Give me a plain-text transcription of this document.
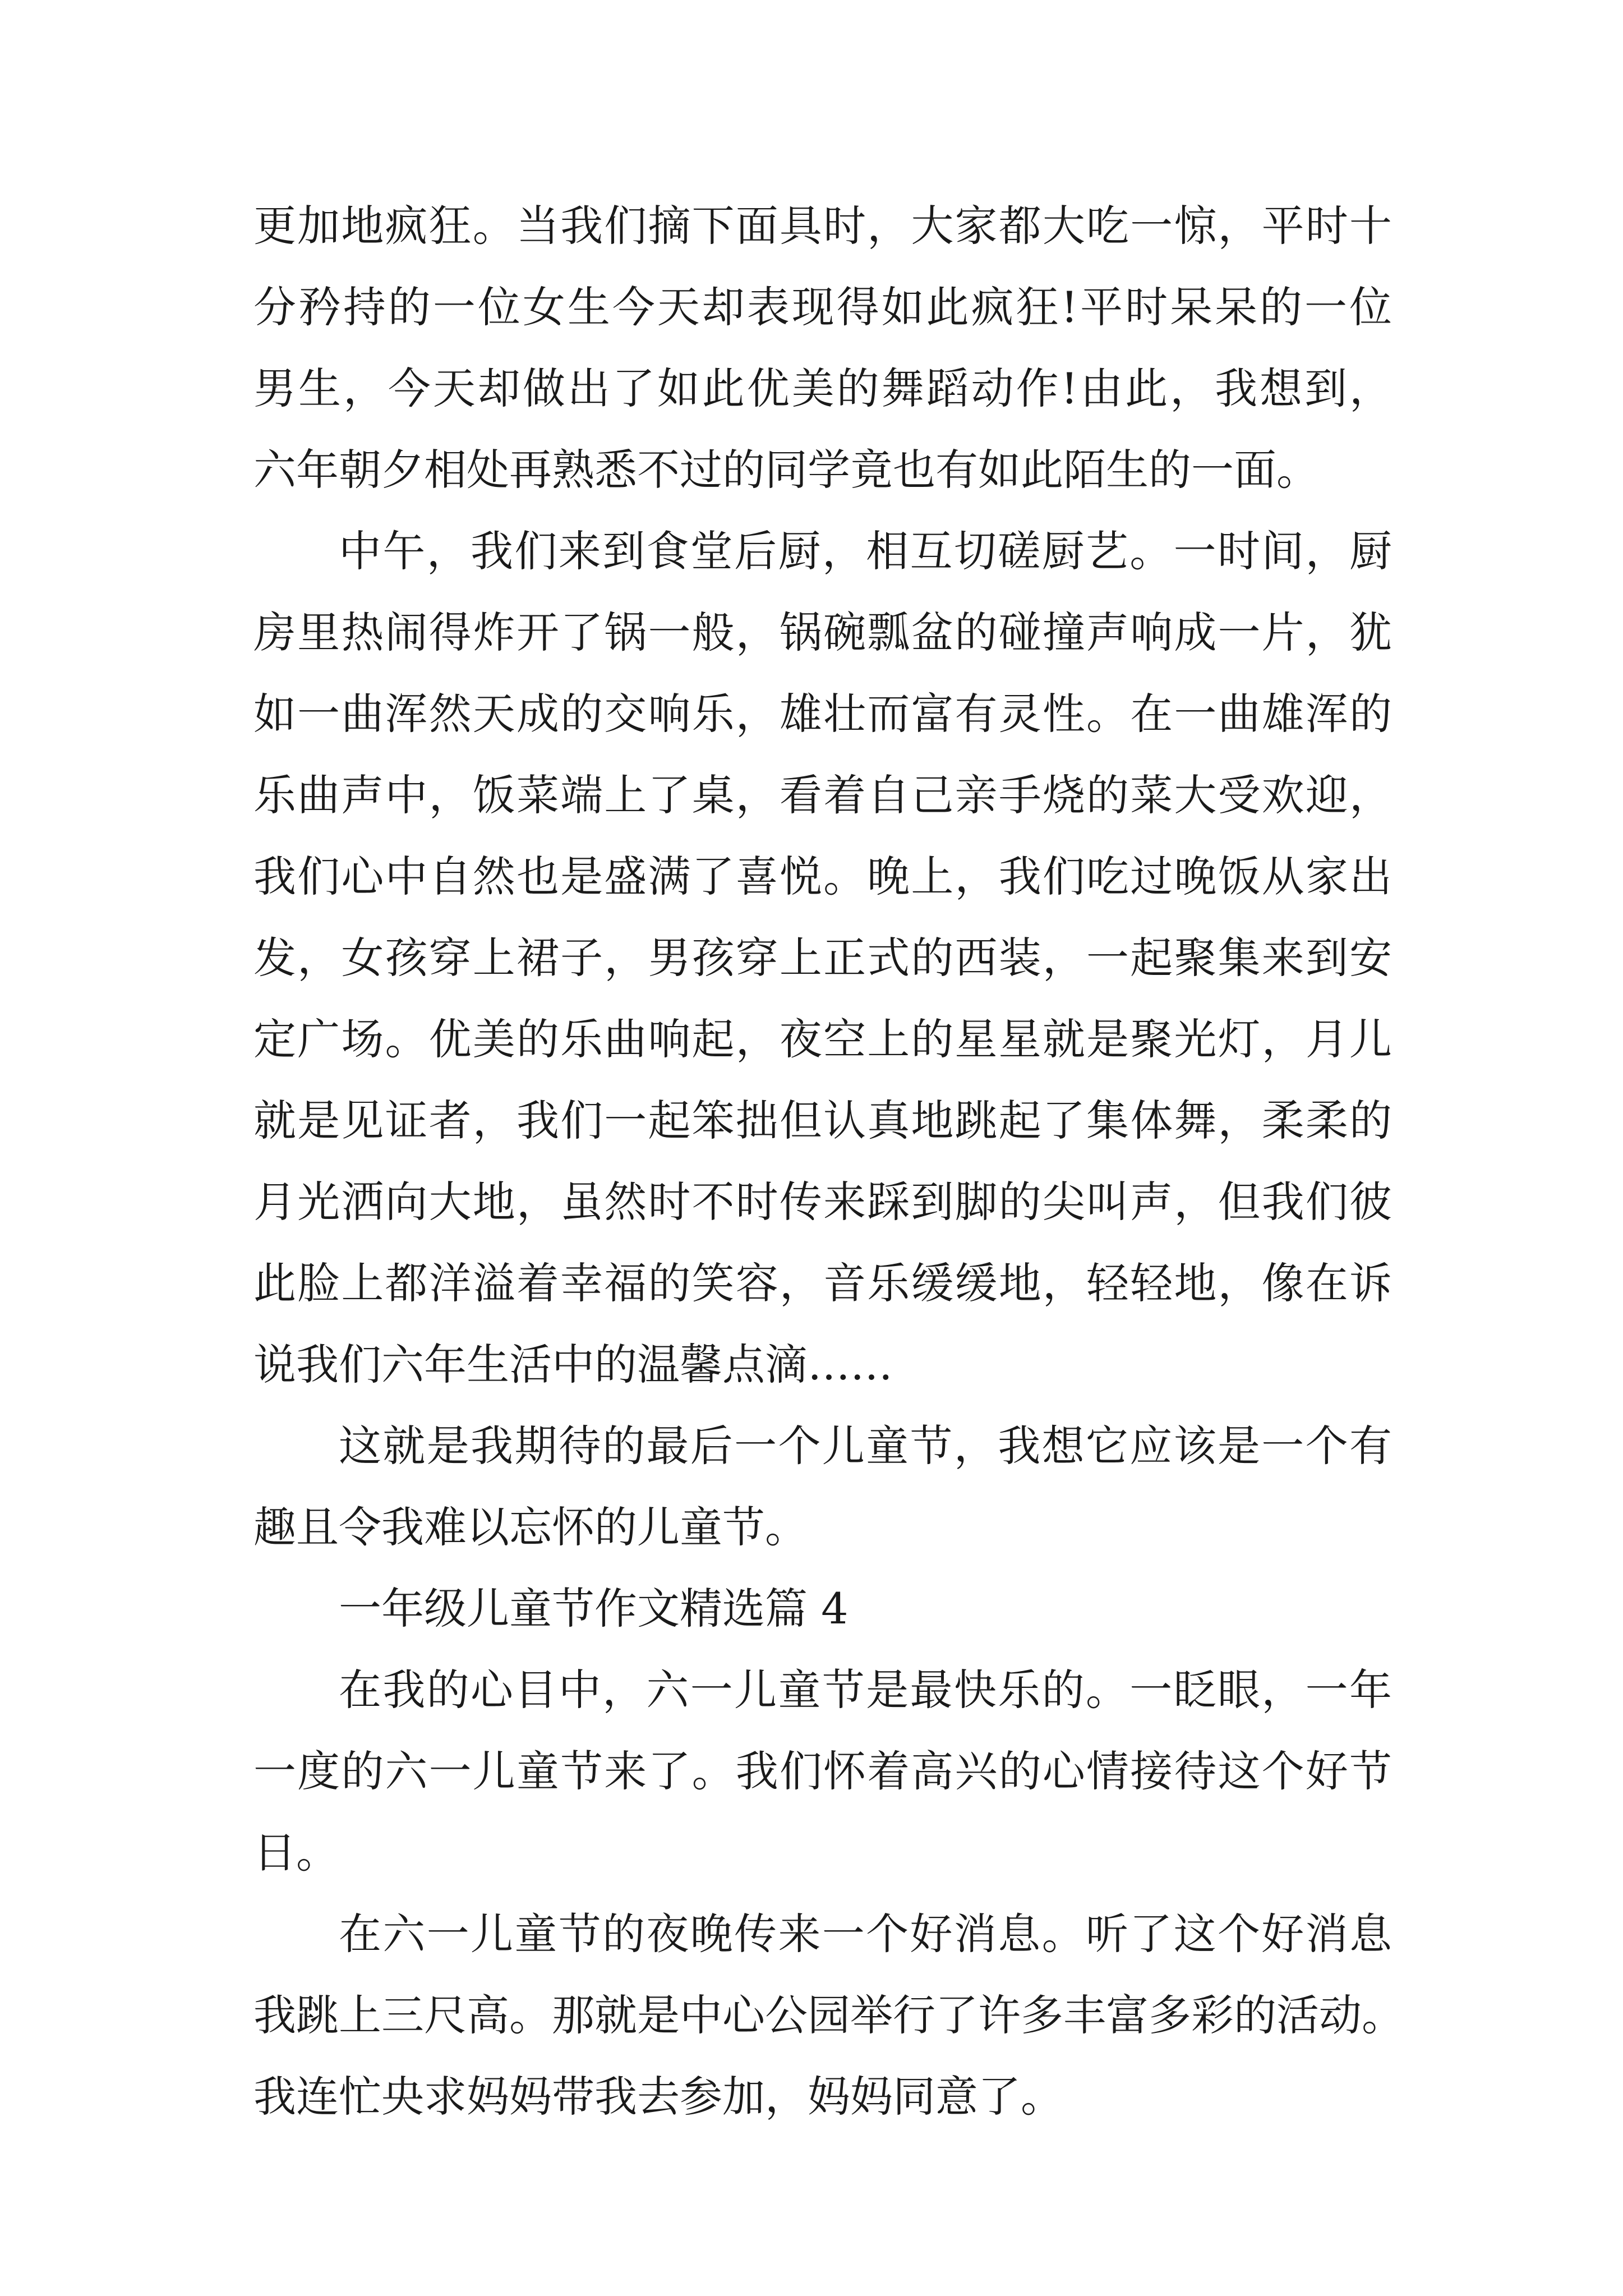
更加地疯狂。当我们摘下面具时，大家都大吃一惊，平时十
分矜持的一位女生今天却表现得如此疯狂!平时呆呆的一位
男生，今天却做出了如此优美的舞蹈动作!由此，我想到，
六年朝夕相处再熟悉不过的同学竟也有如此陌生的一面。
中午，我们来到食堂后厨，相互切磋厨艺。一时间，厨
房里热闹得炸开了锅一般，锅碗瓢盆的碰撞声响成一片，犹
如一曲浑然天成的交响乐，雄壮而富有灵性。在一曲雄浑的
乐曲声中，饭菜端上了桌，看着自己亲手烧的菜大受欢迎，
我们心中自然也是盛满了喜悦。晚上，我们吃过晚饭从家出
发，女孩穿上裙子，男孩穿上正式的西装，一起聚集来到安
定广场。优美的乐曲响起，夜空上的星星就是聚光灯，月儿
就是见证者，我们一起笨拙但认真地跳起了集体舞，柔柔的
月光洒向大地，虽然时不时传来踩到脚的尖叫声，但我们彼
此脸上都洋溢着幸福的笑容，音乐缓缓地，轻轻地，像在诉
说我们六年生活中的温馨点滴……
这就是我期待的最后一个儿童节，我想它应该是一个有
趣且令我难以忘怀的儿童节。
一年级儿童节作文精选篇 4
在我的心目中，六一儿童节是最快乐的。一眨眼，一年
一度的六一儿童节来了。我们怀着高兴的心情接待这个好节
日。
在六一儿童节的夜晚传来一个好消息。听了这个好消息
我跳上三尺高。那就是中心公园举行了许多丰富多彩的活动。
我连忙央求妈妈带我去参加，妈妈同意了。
